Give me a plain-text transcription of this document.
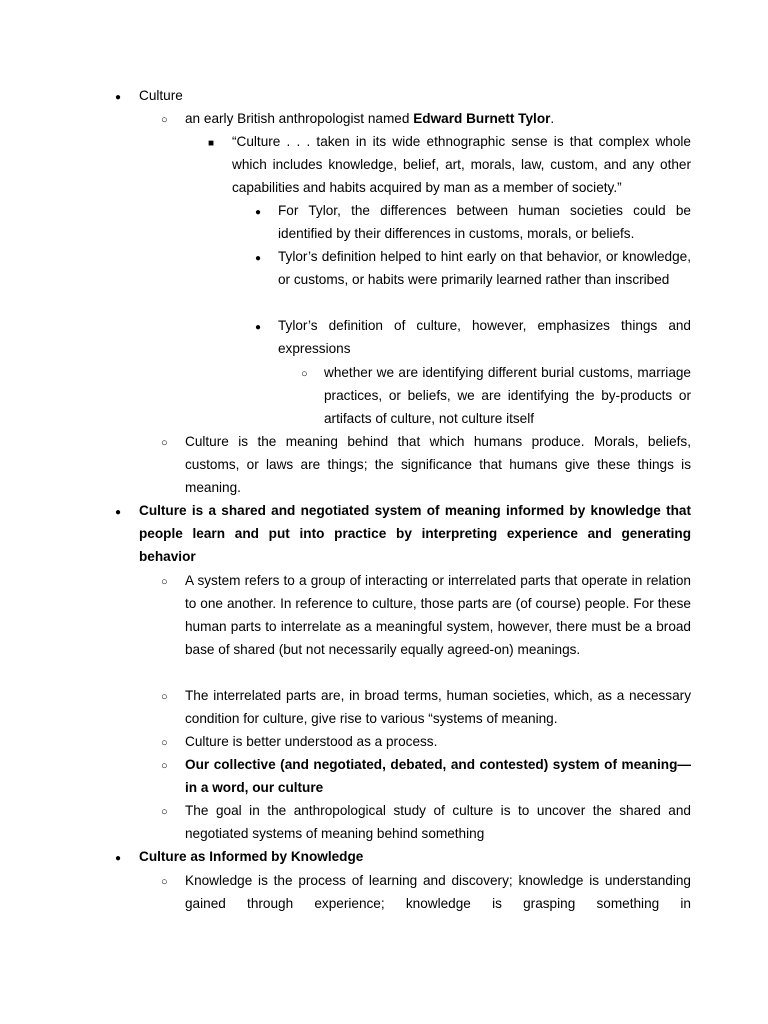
●

Culture

○

an early British anthropologist named Edward Burnett Tylor.

■

“Culture . . . taken in its wide ethnographic sense is that complex whole which includes knowledge, belief, art, morals, law, custom, and any other capabilities and habits acquired by man as a member of society.”

●

For Tylor, the differences between human societies could be identified by their differences in customs, morals, or beliefs.

●

Tylor’s definition helped to hint early on that behavior, or knowledge, or customs, or habits were primarily learned rather than inscribed

●

Tylor’s definition of culture, however, emphasizes things and expressions

○

whether we are identifying different burial customs, marriage practices, or beliefs, we are identifying the by-products or artifacts of culture, not culture itself

○

Culture is the meaning behind that which humans produce. Morals, beliefs, customs, or laws are things; the significance that humans give these things is meaning.

●

Culture is a shared and negotiated system of meaning informed by knowledge that people learn and put into practice by interpreting experience and generating behavior

○

A system refers to a group of interacting or interrelated parts that operate in relation to one another. In reference to culture, those parts are (of course) people. For these human parts to interrelate as a meaningful system, however, there must be a broad base of shared (but not necessarily equally agreed-on) meanings.

○

The interrelated parts are, in broad terms, human societies, which, as a necessary condition for culture, give rise to various “systems of meaning.

○

Culture is better understood as a process.

○

Our collective (and negotiated, debated, and contested) system of meaning—in a word, our culture

○

The goal in the anthropological study of culture is to uncover the shared and negotiated systems of meaning behind something

●

Culture as Informed by Knowledge

○

Knowledge is the process of learning and discovery; knowledge is understanding gained through experience; knowledge is grasping something in
